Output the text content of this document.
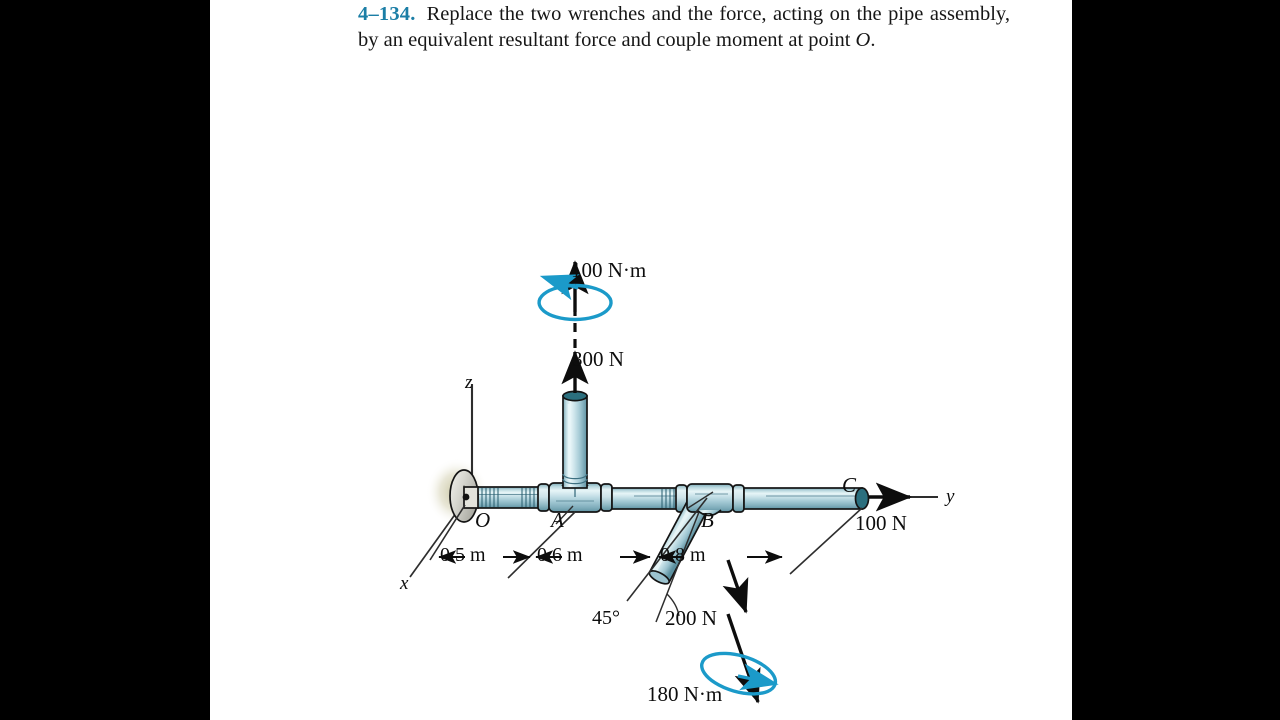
4–134. Replace the two wrenches and the force, acting on the pipe assembly, by an equivalent resultant force and couple moment at point O.
z
y
x
O	A	B
C
0.5 m	0.6 m	0.8 m
100 N·m
300 N
100 N
200 N
180 N·m
45°
